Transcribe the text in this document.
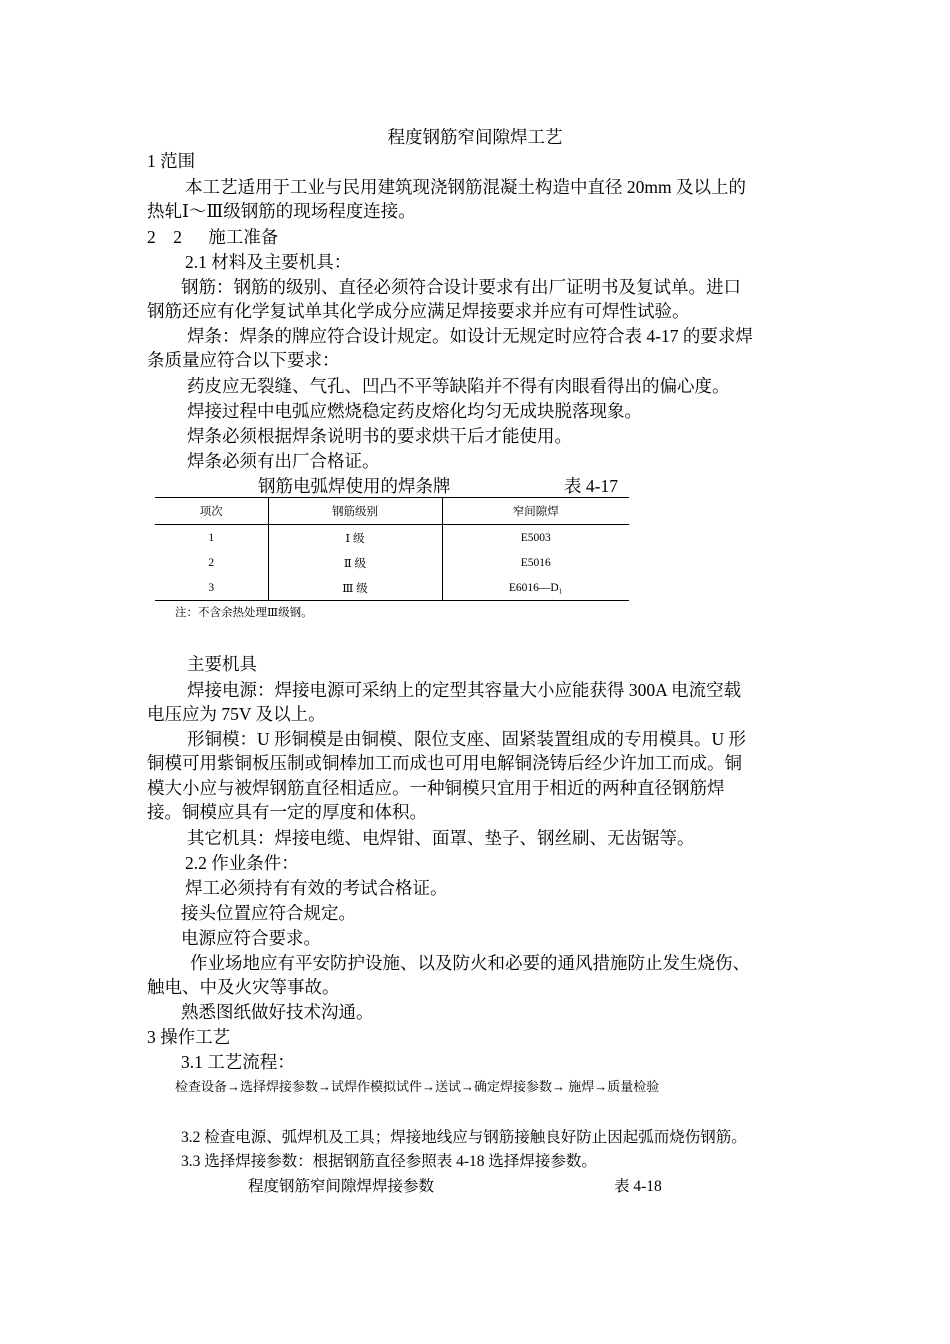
程度钢筋窄间隙焊工艺
1 范围
本工艺适用于工业与民用建筑现浇钢筋混凝土构造中直径 20mm 及以上的
热轧Ⅰ～Ⅲ级钢筋的现场程度连接。
2    2      施工准备
2.1 材料及主要机具：
钢筋：钢筋的级别、直径必须符合设计要求有出厂证明书及复试单。进口
钢筋还应有化学复试单其化学成分应满足焊接要求并应有可焊性试验。
焊条：焊条的牌应符合设计规定。如设计无规定时应符合表 4-17 的要求焊
条质量应符合以下要求：
药皮应无裂缝、气孔、凹凸不平等缺陷并不得有肉眼看得出的偏心度。
焊接过程中电弧应燃烧稳定药皮熔化均匀无成块脱落现象。
焊条必须根据焊条说明书的要求烘干后才能使用。
焊条必须有出厂合格证。
钢筋电弧焊使用的焊条牌	表 4-17
项次	钢筋级别	窄间隙焊
1	Ⅰ 级	E5003
2	Ⅱ 级	E5016
3	Ⅲ 级	E6016—D₁
注：不含余热处理Ⅲ级钢。
主要机具
焊接电源：焊接电源可采纳上的定型其容量大小应能获得 300A 电流空载
电压应为 75V 及以上。
形铜模：U 形铜模是由铜模、限位支座、固紧装置组成的专用模具。U 形
铜模可用紫铜板压制或铜棒加工而成也可用电解铜浇铸后经少许加工而成。铜
模大小应与被焊钢筋直径相适应。一种铜模只宜用于相近的两种直径钢筋焊
接。铜模应具有一定的厚度和体积。
其它机具：焊接电缆、电焊钳、面罩、垫子、钢丝刷、无齿锯等。
2.2 作业条件：
焊工必须持有有效的考试合格证。
接头位置应符合规定。
电源应符合要求。
作业场地应有平安防护设施、以及防火和必要的通风措施防止发生烧伤、
触电、中及火灾等事故。
熟悉图纸做好技术沟通。
3 操作工艺
3.1 工艺流程：
检查设备→选择焊接参数→试焊作模拟试件→送试→确定焊接参数→ 施焊→质量检验
3.2 检查电源、弧焊机及工具；焊接地线应与钢筋接触良好防止因起弧而烧伤钢筋。
3.3 选择焊接参数：根据钢筋直径参照表 4-18 选择焊接参数。
程度钢筋窄间隙焊焊接参数	表 4-18
